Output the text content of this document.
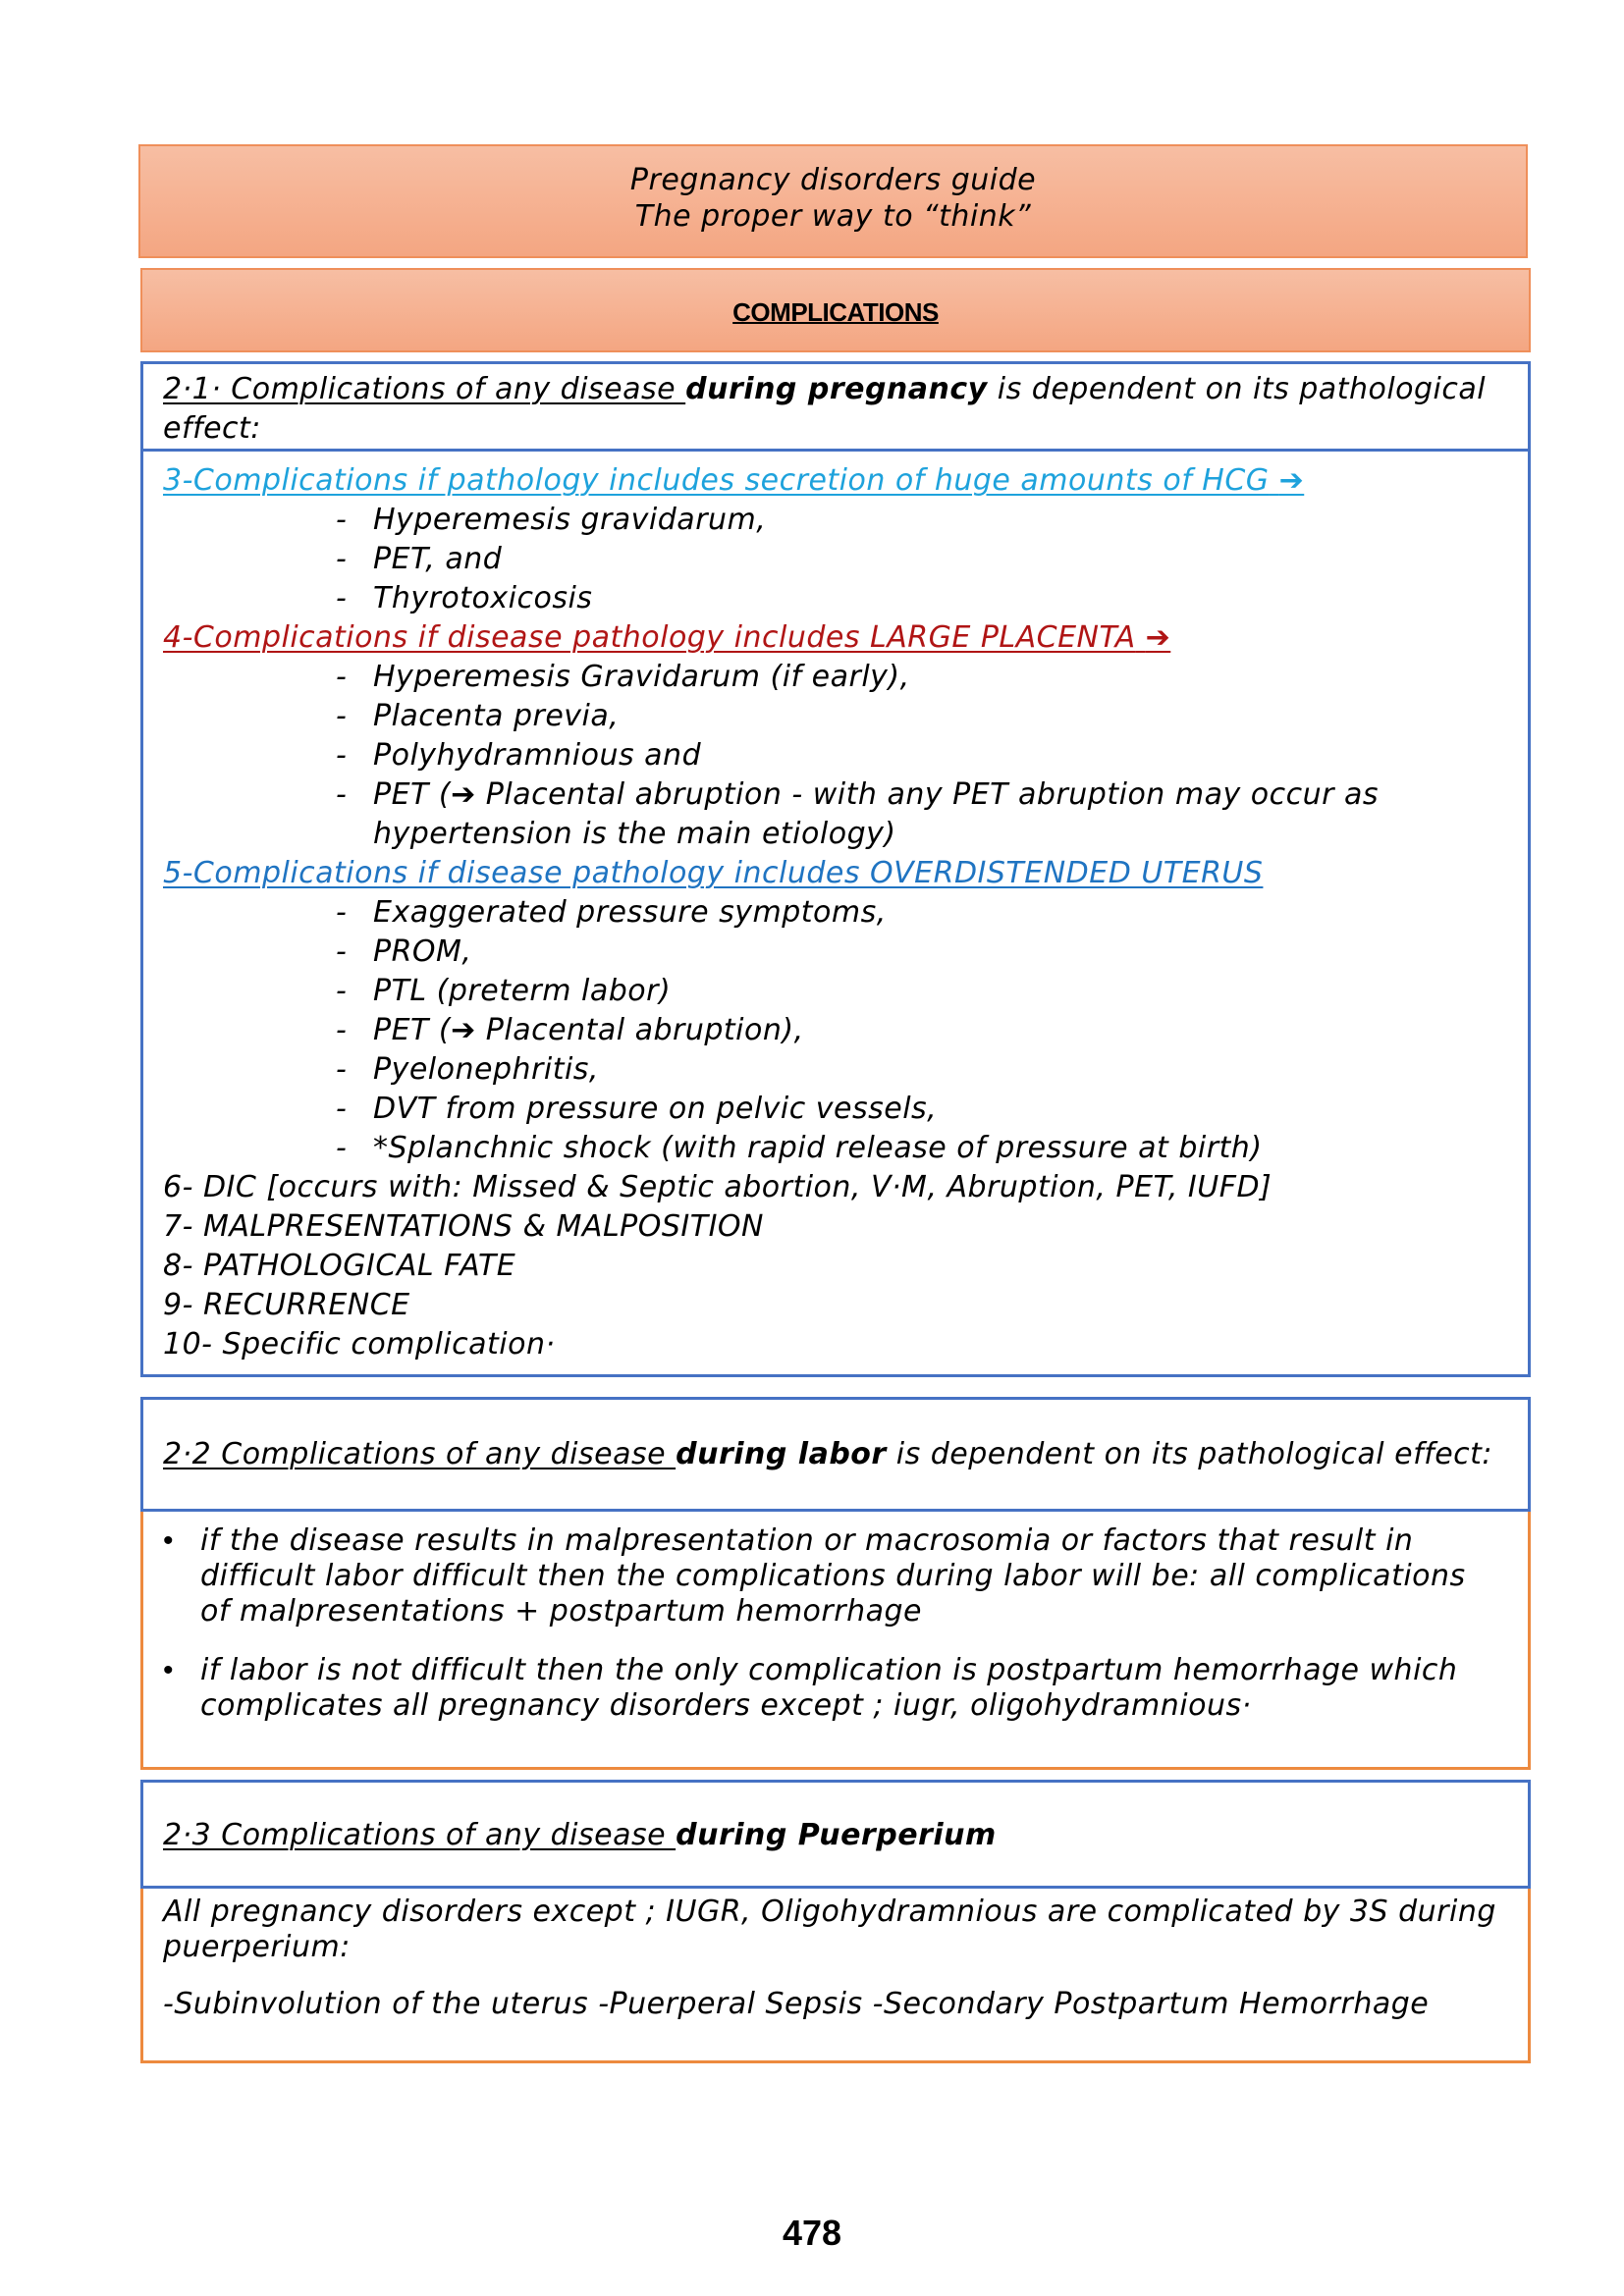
Pregnancy disorders guide
The proper way to “think”
COMPLICATIONS
2·1· Complications of any disease during pregnancy is dependent on its pathological
effect:
3-Complications if pathology includes secretion of huge amounts of HCG ➔
- Hyperemesis gravidarum,
- PET, and
- Thyrotoxicosis
4-Complications if disease pathology includes LARGE PLACENTA ➔
- Hyperemesis Gravidarum (if early),
- Placenta previa,
- Polyhydramnious and
- PET (➔ Placental abruption - with any PET abruption may occur as
hypertension is the main etiology)
5-Complications if disease pathology includes OVERDISTENDED UTERUS
- Exaggerated pressure symptoms,
- PROM,
- PTL (preterm labor)
- PET (➔ Placental abruption),
- Pyelonephritis,
- DVT from pressure on pelvic vessels,
- *Splanchnic shock (with rapid release of pressure at birth)
6- DIC [occurs with: Missed & Septic abortion, V·M, Abruption, PET, IUFD]
7- MALPRESENTATIONS & MALPOSITION
8- PATHOLOGICAL FATE
9- RECURRENCE
10- Specific complication·
2·2 Complications of any disease during labor is dependent on its pathological effect:
• if the disease results in malpresentation or macrosomia or factors that result in
difficult labor difficult then the complications during labor will be: all complications
of malpresentations + postpartum hemorrhage
• if labor is not difficult then the only complication is postpartum hemorrhage which
complicates all pregnancy disorders except ; iugr, oligohydramnious·
2·3 Complications of any disease during Puerperium
All pregnancy disorders except ; IUGR, Oligohydramnious are complicated by 3S during
puerperium:
-Subinvolution of the uterus -Puerperal Sepsis -Secondary Postpartum Hemorrhage
478
